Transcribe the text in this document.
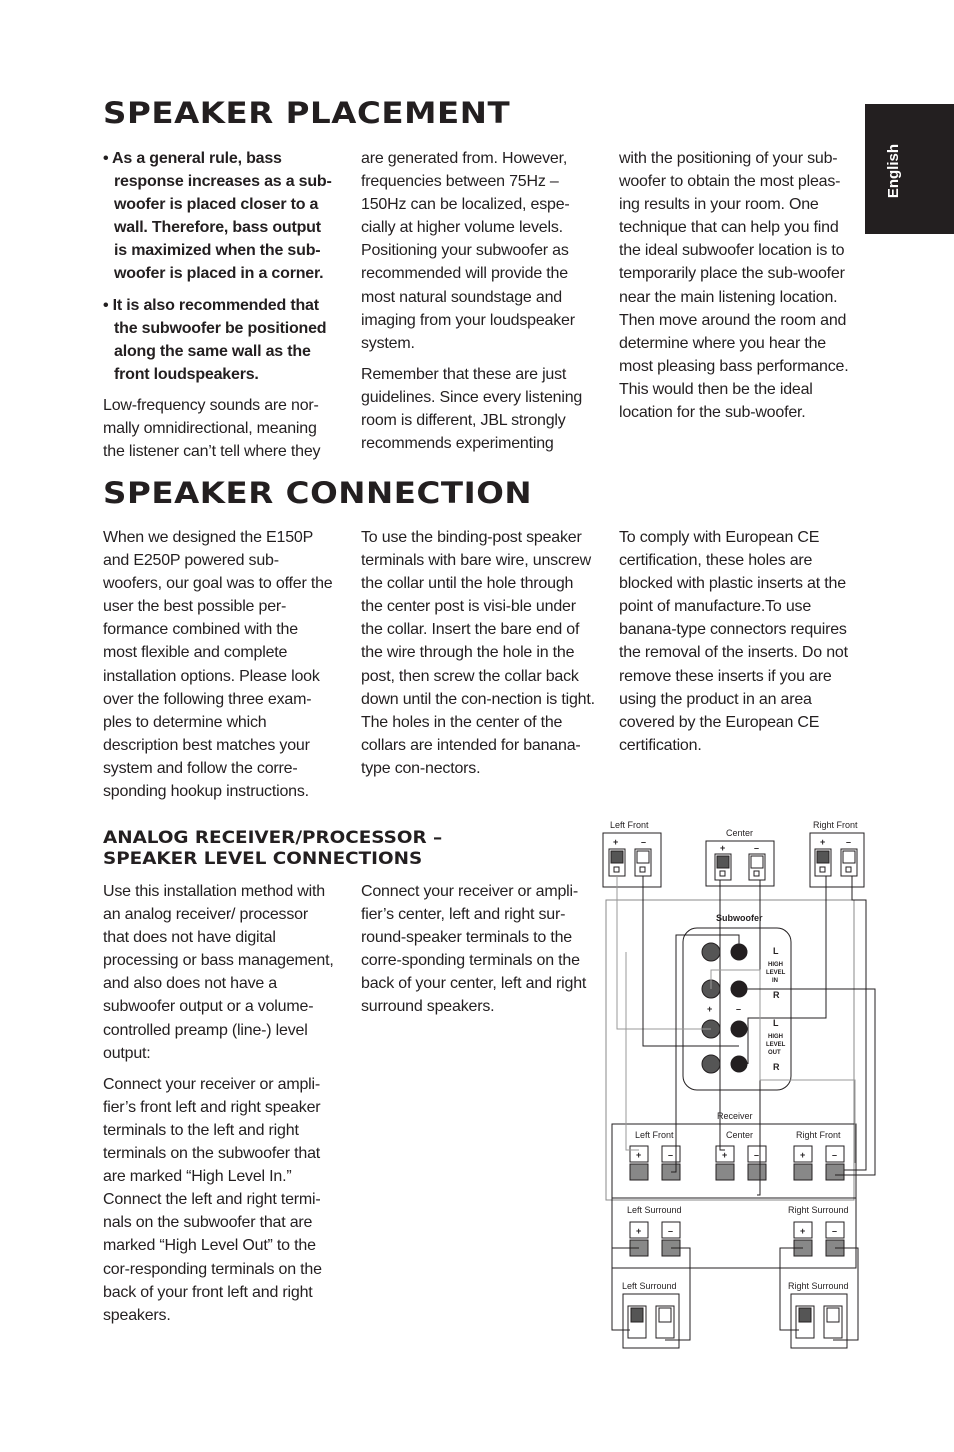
English
SPEAKER PLACEMENT

• As a general rule, bass response increases as a sub-woofer is placed closer to a wall. Therefore, bass output is maximized when the sub-woofer is placed in a corner.

• It is also recommended that the subwoofer be positioned along the same wall as the front loudspeakers.

Low-frequency sounds are nor-mally omnidirectional, meaning the listener can’t tell where they

are generated from. However, frequencies between 75Hz – 150Hz can be localized, espe-cially at higher volume levels. Positioning your subwoofer as recommended will provide the most natural soundstage and imaging from your loudspeaker system.

Remember that these are just guidelines. Since every listening room is different, JBL strongly recommends experimenting

with the positioning of your sub-woofer to obtain the most pleas-ing results in your room. One technique that can help you find the ideal subwoofer location is to temporarily place the sub-woofer near the main listening location. Then move around the room and determine where you hear the most pleasing bass performance. This would then be the ideal location for the sub-woofer.

SPEAKER CONNECTION

When we designed the E150P and E250P powered sub-woofers, our goal was to offer the user the best possible per-formance combined with the most flexible and complete installation options. Please look over the following three exam-ples to determine which description best matches your system and follow the corre-sponding hookup instructions.

To use the binding-post speaker terminals with bare wire, unscrew the collar until the hole through the center post is visi-ble under the collar. Insert the bare end of the wire through the hole in the post, then screw the collar back down until the con-nection is tight. The holes in the center of the collars are intended for banana-type con-nectors.

To comply with European CE certification, these holes are blocked with plastic inserts at the point of manufacture.To use banana-type connectors requires the removal of the inserts. Do not remove these inserts if you are using the product in an area covered by the European CE certification.

ANALOG RECEIVER/PROCESSOR –
SPEAKER LEVEL CONNECTIONS

Use this installation method with an analog receiver/ processor that does not have digital processing or bass management, and also does not have a subwoofer output or a volume-controlled preamp (line-) level output:

Connect your receiver or ampli-fier’s front left and right speaker terminals to the left and right terminals on the subwoofer that are marked “High Level In.” Connect the left and right termi-nals on the subwoofer that are marked “High Level Out” to the cor-responding terminals on the back of your front left and right speakers.

Connect your receiver or ampli-fier’s center, left and right sur-round-speaker terminals to the corre-sponding terminals on the back of your center, left and right surround speakers.

Left Front
+	–
Center
+	–
Right Front
+ –
Subwoofer
L
HIGH
LEVEL
IN
R
+	–
L
HIGH
LEVEL
OUT
R
Receiver
Left Front	Center	Right Front
+	–	+	–	+	–
Left Surround	Right Surround
+	–	+	–
Left Surround	Right Surround
